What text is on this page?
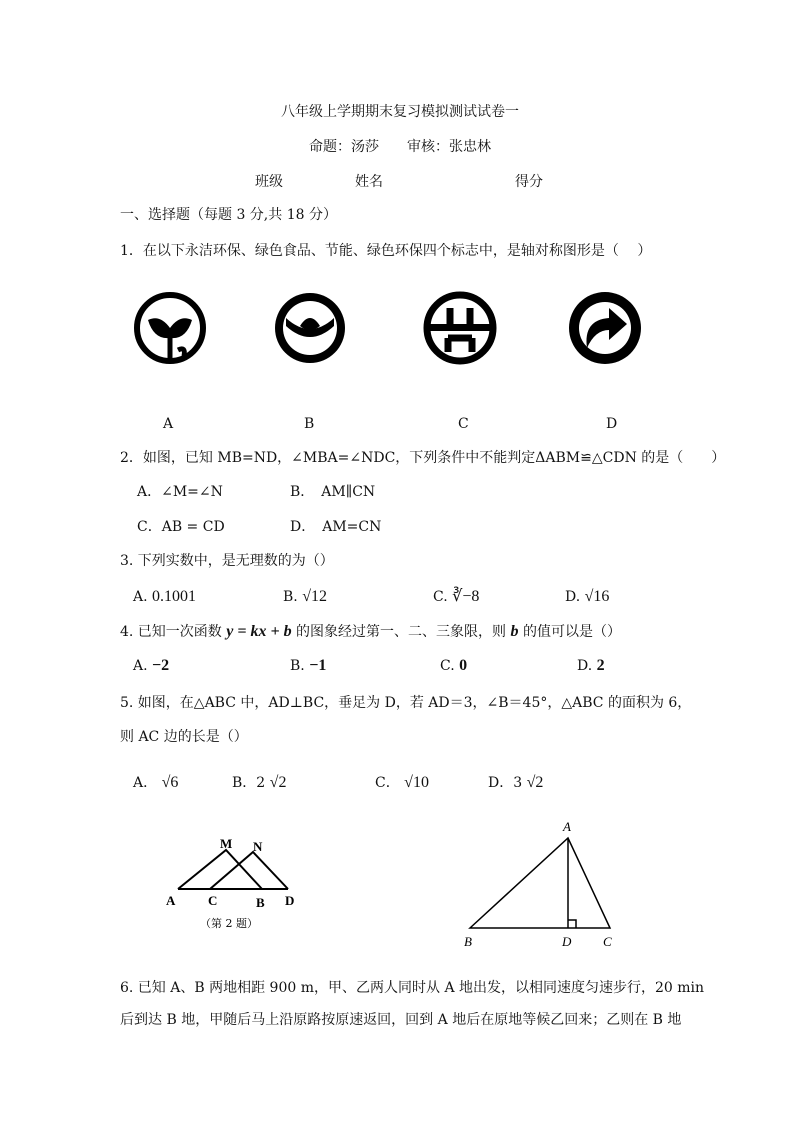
八年级上学期期末复习模拟测试试卷一
命题：汤莎　　审核：张忠林
班级	姓名	得分
一、选择题（每题 3 分,共 18 分）
1．在以下永洁环保、绿色食品、节能、绿色环保四个标志中，是轴对称图形是（　 ）
A	B	C	D
2．如图，已知 MB=ND，∠MBA=∠NDC，下列条件中不能判定ΔABM≌△CDN 的是（　　）
A．∠M=∠N	B．　AM∥CN
C．AB = CD	D．　AM=CN
3. 下列实数中，是无理数的为（）
A. 0.1001	B. √12	C. ∛−8	D. √16
4. 已知一次函数 y = kx + b 的图象经过第一、二、三象限，则 b 的值可以是（）
A. −2	B. −1	C. 0	D. 2
5. 如图，在△ABC 中，AD⊥BC，垂足为 D，若 AD＝3，∠B＝45°，△ABC 的面积为 6，
则 AC 边的长是（）
A． √6	B．2 √2	C． √10	D．3 √2
M N
A	C	B D
（第 2 题）
A
B	D C
6. 已知 A、B 两地相距 900 m，甲、乙两人同时从 A 地出发，以相同速度匀速步行，20 min
后到达 B 地，甲随后马上沿原路按原速返回，回到 A 地后在原地等候乙回来；乙则在 B 地
